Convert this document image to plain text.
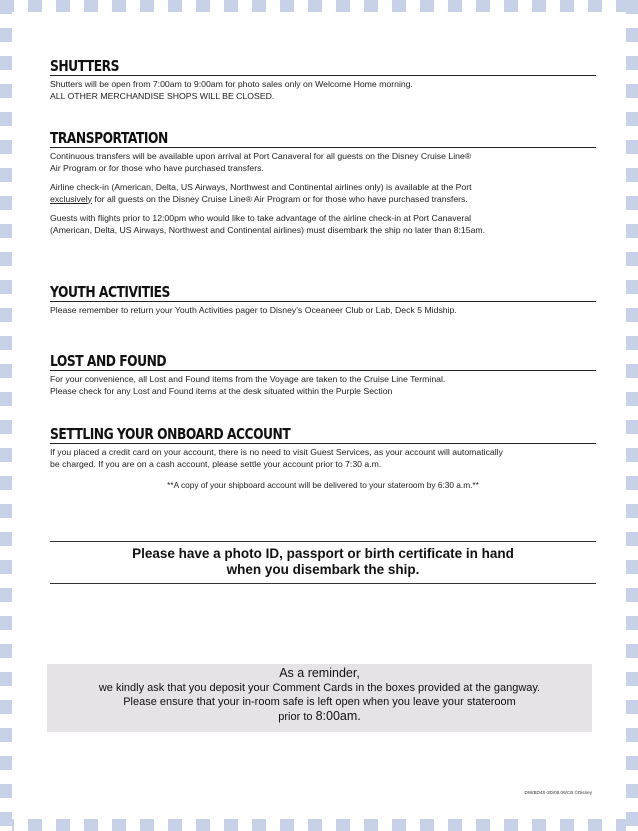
SHUTTERS
Shutters will be open from 7:00am to 9:00am for photo sales only on Welcome Home morning.
ALL OTHER MERCHANDISE SHOPS WILL BE CLOSED.
TRANSPORTATION
Continuous transfers will be available upon arrival at Port Canaveral for all guests on the Disney Cruise Line®
Air Program or for those who have purchased transfers.
Airline check-in (American, Delta, US Airways, Northwest and Continental airlines only) is available at the Port
exclusively for all guests on the Disney Cruise Line® Air Program or for those who have purchased transfers.
Guests with flights prior to 12:00pm who would like to take advantage of the airline check-in at Port Canaveral
(American, Delta, US Airways, Northwest and Continental airlines) must disembark the ship no later than 8:15am.
YOUTH ACTIVITIES
Please remember to return your Youth Activities pager to Disney's Oceaneer Club or Lab, Deck 5 Midship.
LOST AND FOUND
For your convenience, all Lost and Found items from the Voyage are taken to the Cruise Line Terminal.
Please check for any Lost and Found items at the desk situated within the Purple Section
SETTLING YOUR ONBOARD ACCOUNT
If you placed a credit card on your account, there is no need to visit Guest Services, as your account will automatically
be charged. If you are on a cash account, please settle your account prior to 7:30 a.m.
**A copy of your shipboard account will be delivered to your stateroom by 6:30 a.m.**
Please have a photo ID, passport or birth certificate in hand
when you disembark the ship.
As a reminder,
we kindly ask that you deposit your Comment Cards in the boxes provided at the gangway.
Please ensure that your in-room safe is left open when you leave your stateroom
prior to 8:00am.
DW/BD4S-3D/08.06/CB ©Disney
